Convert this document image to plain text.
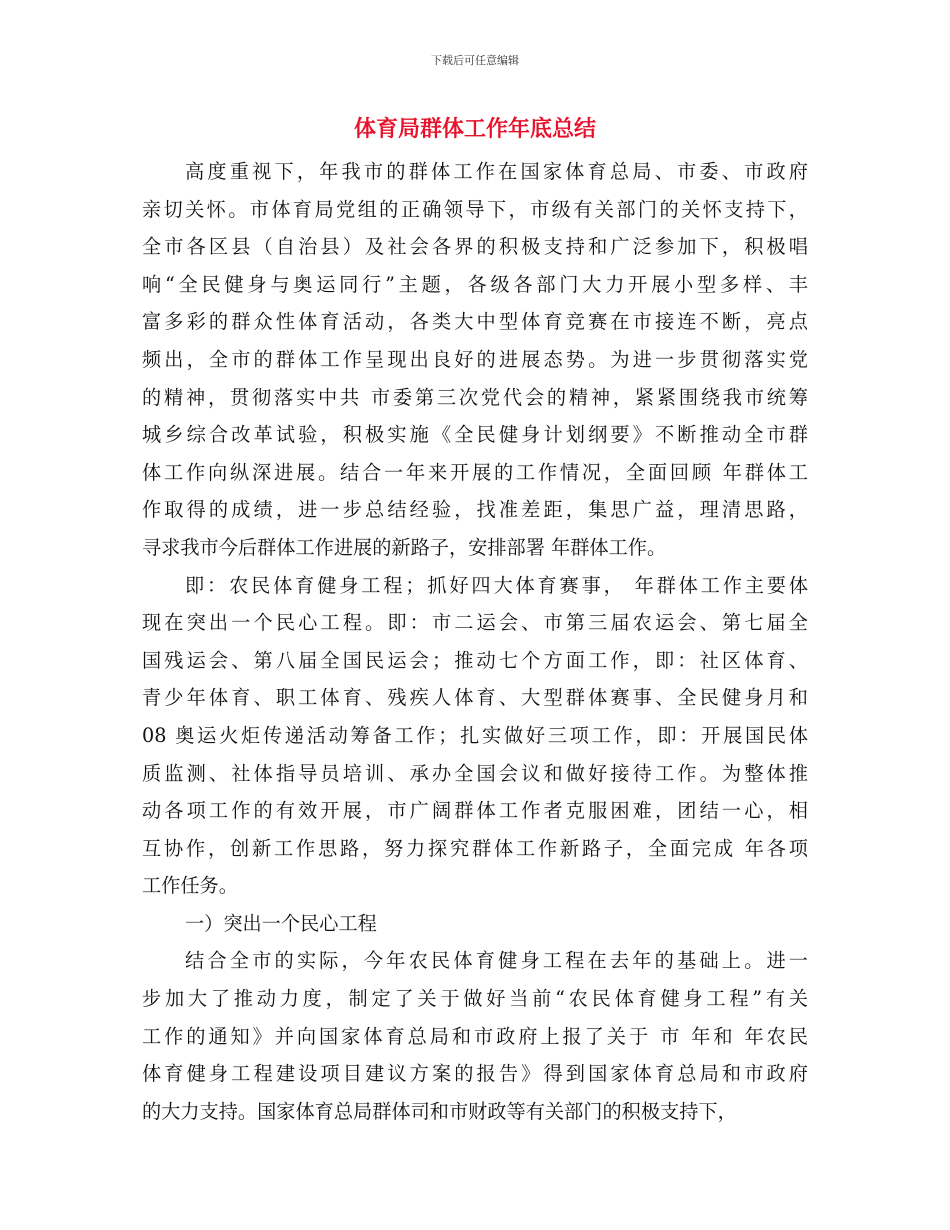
下载后可任意编辑
体育局群体工作年底总结
高度重视下，年我市的群体工作在国家体育总局、市委、市政府
亲切关怀。市体育局党组的正确领导下，市级有关部门的关怀支持下，
全市各区县（自治县）及社会各界的积极支持和广泛参加下，积极唱
响“全民健身与奥运同行”主题，各级各部门大力开展小型多样、丰
富多彩的群众性体育活动，各类大中型体育竞赛在市接连不断，亮点
频出，全市的群体工作呈现出良好的进展态势。为进一步贯彻落实党
的精神，贯彻落实中共 市委第三次党代会的精神，紧紧围绕我市统筹
城乡综合改革试验，积极实施《全民健身计划纲要》不断推动全市群
体工作向纵深进展。结合一年来开展的工作情况，全面回顾 年群体工
作取得的成绩，进一步总结经验，找准差距，集思广益，理清思路，
寻求我市今后群体工作进展的新路子，安排部署 年群体工作。
即：农民体育健身工程；抓好四大体育赛事， 年群体工作主要体
现在突出一个民心工程。即：市二运会、市第三届农运会、第七届全
国残运会、第八届全国民运会；推动七个方面工作，即：社区体育、
青少年体育、职工体育、残疾人体育、大型群体赛事、全民健身月和
08 奥运火炬传递活动筹备工作；扎实做好三项工作，即：开展国民体
质监测、社体指导员培训、承办全国会议和做好接待工作。为整体推
动各项工作的有效开展，市广阔群体工作者克服困难，团结一心，相
互协作，创新工作思路，努力探究群体工作新路子，全面完成 年各项
工作任务。
一）突出一个民心工程
结合全市的实际，今年农民体育健身工程在去年的基础上。进一
步加大了推动力度，制定了关于做好当前“农民体育健身工程”有关
工作的通知》并向国家体育总局和市政府上报了关于 市 年和 年农民
体育健身工程建设项目建议方案的报告》得到国家体育总局和市政府
的大力支持。国家体育总局群体司和市财政等有关部门的积极支持下，
